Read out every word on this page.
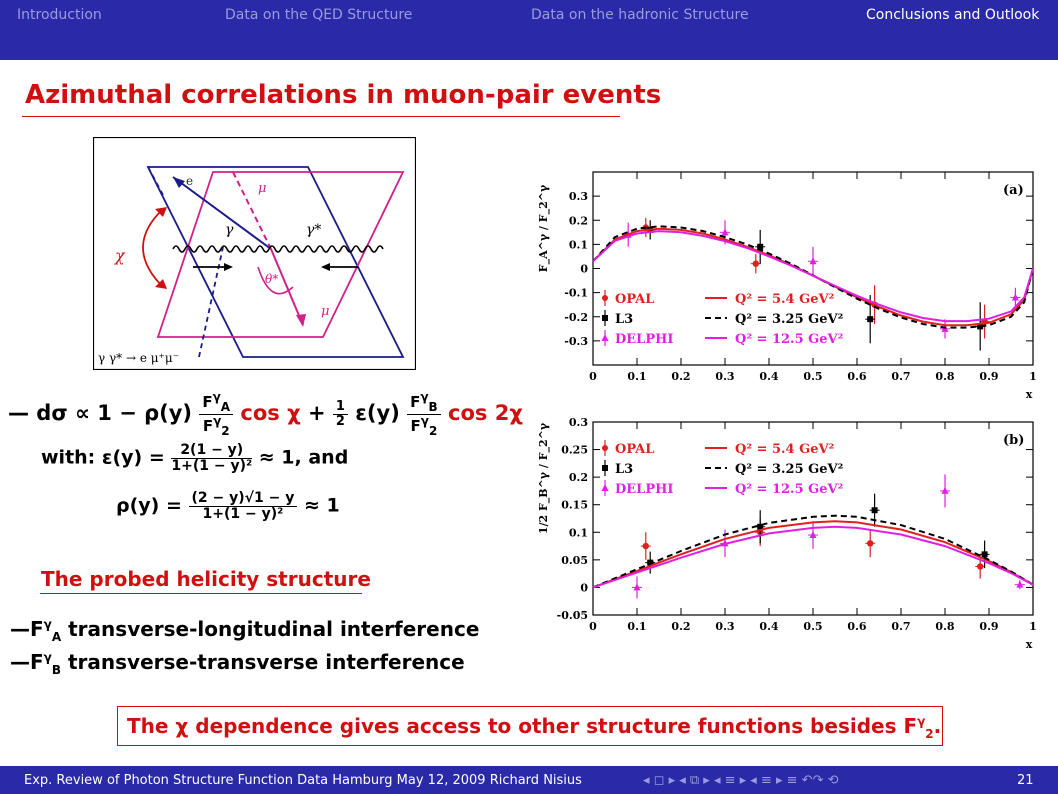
Introduction	Data on the QED Structure	Data on the hadronic Structure	Conclusions and Outlook
Azimuthal correlations in muon-pair events
e	μ
γ	γ*
θ*
μ
χ
γ γ* → e μ⁺μ⁻
— $d\sigma \propto 1 - \rho(y) \frac{F^\gamma_A}{F^\gamma_2}$ $\cos \chi + \frac{1}{2} \varepsilon(y) \frac{F^\gamma_B}{F^\gamma_2}$ cos 2χ
with: $\varepsilon(y) = \frac{2(1 - y)}{\text{1+(1 − y)²}} \approx 1$, and
$\rho(y) = \frac{(2 - y)√1 - y}{\text{1+(1 − y)²}} \approx 1$
The probed helicity structure
$—F^\gamma_A$ transverse-longitudinal interference
$—F^\gamma_B$ transverse-transverse interference
0	0.1 0.2 0.3 0.4 0.5 0.6 0.7 0.8 0.9	1
0.3
0.2
0.1
0
-0.1
-0.2
-0.3
x
F_A^γ / F_2^γ	(a)
OPAL
L3
DELPHI
Q² = 5.4 GeV²
Q² = 3.25 GeV²
Q² = 12.5 GeV²
0	0.1 0.2 0.3 0.4 0.5 0.6 0.7 0.8 0.9	1
0.3
0.25
0.2
0.15
0.1
0.05
0
-0.05
x
1/2 F_B^γ / F_2^γ	(b)
OPAL
L3
DELPHI
Q² = 5.4 GeV²
Q² = 3.25 GeV²
Q² = 12.5 GeV²
The χ dependence gives access to other structure functions besides $F^\gamma_2$.
Exp. Review of Photon Structure Function Data Hamburg May 12, 2009 Richard Nisius	◂ ◻ ▸ ◂ ⧉ ▸ ◂ ≡ ▸ ◂ ≡ ▸ ≡ ↶↷ ⟲	21
